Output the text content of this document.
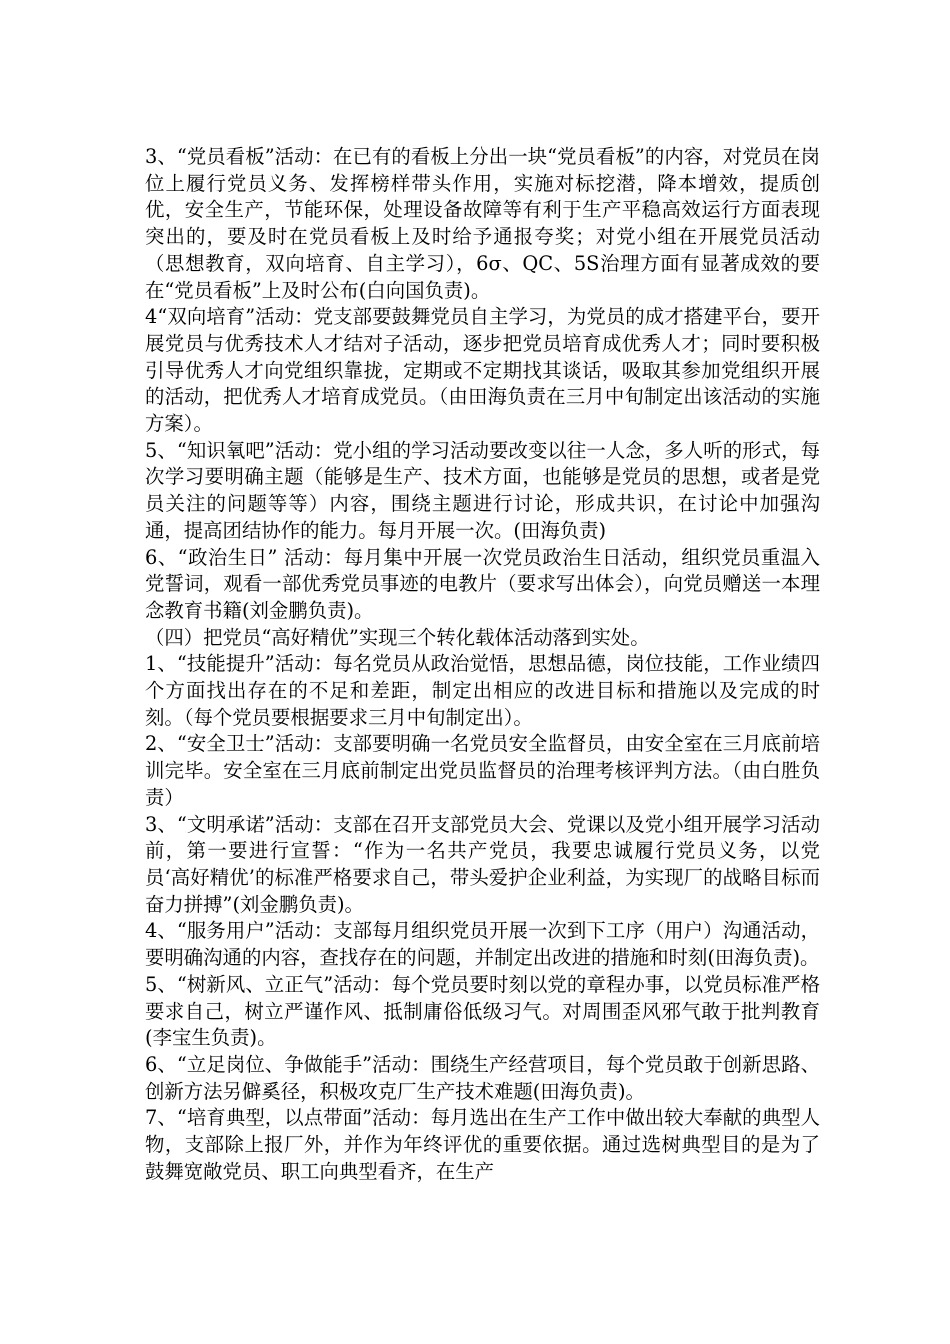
3、“党员看板”活动：在已有的看板上分出一块“党员看板”的内容，对党员在岗位上履行党员义务、发挥榜样带头作用，实施对标挖潜，降本增效，提质创优，安全生产，节能环保，处理设备故障等有利于生产平稳高效运行方面表现突出的，要及时在党员看板上及时给予通报夸奖；对党小组在开展党员活动（思想教育，双向培育、自主学习），6σ、QC、5S治理方面有显著成效的要在“党员看板”上及时公布(白向国负责)。

4“双向培育”活动：党支部要鼓舞党员自主学习，为党员的成才搭建平台，要开展党员与优秀技术人才结对子活动，逐步把党员培育成优秀人才；同时要积极引导优秀人才向党组织靠拢，定期或不定期找其谈话，吸取其参加党组织开展的活动，把优秀人才培育成党员。（由田海负责在三月中旬制定出该活动的实施方案）。

5、“知识氧吧”活动：党小组的学习活动要改变以往一人念，多人听的形式，每次学习要明确主题（能够是生产、技术方面，也能够是党员的思想，或者是党员关注的问题等等）内容，围绕主题进行讨论，形成共识，在讨论中加强沟通，提高团结协作的能力。每月开展一次。(田海负责)

6、“政治生日” 活动：每月集中开展一次党员政治生日活动，组织党员重温入党誓词，观看一部优秀党员事迹的电教片（要求写出体会），向党员赠送一本理念教育书籍(刘金鹏负责)。

（四）把党员“高好精优”实现三个转化载体活动落到实处。

1、“技能提升”活动：每名党员从政治觉悟，思想品德，岗位技能，工作业绩四个方面找出存在的不足和差距，制定出相应的改进目标和措施以及完成的时刻。（每个党员要根据要求三月中旬制定出）。

2、“安全卫士”活动：支部要明确一名党员安全监督员，由安全室在三月底前培训完毕。安全室在三月底前制定出党员监督员的治理考核评判方法。（由白胜负责）

3、“文明承诺”活动：支部在召开支部党员大会、党课以及党小组开展学习活动前，第一要进行宣誓：“作为一名共产党员，我要忠诚履行党员义务，以党员‘高好精优’的标准严格要求自己，带头爱护企业利益，为实现厂的战略目标而奋力拼搏”(刘金鹏负责)。

4、“服务用户”活动：支部每月组织党员开展一次到下工序（用户）沟通活动，要明确沟通的内容，查找存在的问题，并制定出改进的措施和时刻(田海负责)。

5、“树新风、立正气”活动：每个党员要时刻以党的章程办事，以党员标准严格要求自己，树立严谨作风、抵制庸俗低级习气。对周围歪风邪气敢于批判教育(李宝生负责)。

6、“立足岗位、争做能手”活动：围绕生产经营项目，每个党员敢于创新思路、创新方法另僻奚径，积极攻克厂生产技术难题(田海负责)。

7、“培育典型，以点带面”活动：每月选出在生产工作中做出较大奉献的典型人物，支部除上报厂外，并作为年终评优的重要依据。通过选树典型目的是为了鼓舞宽敞党员、职工向典型看齐，在生产
